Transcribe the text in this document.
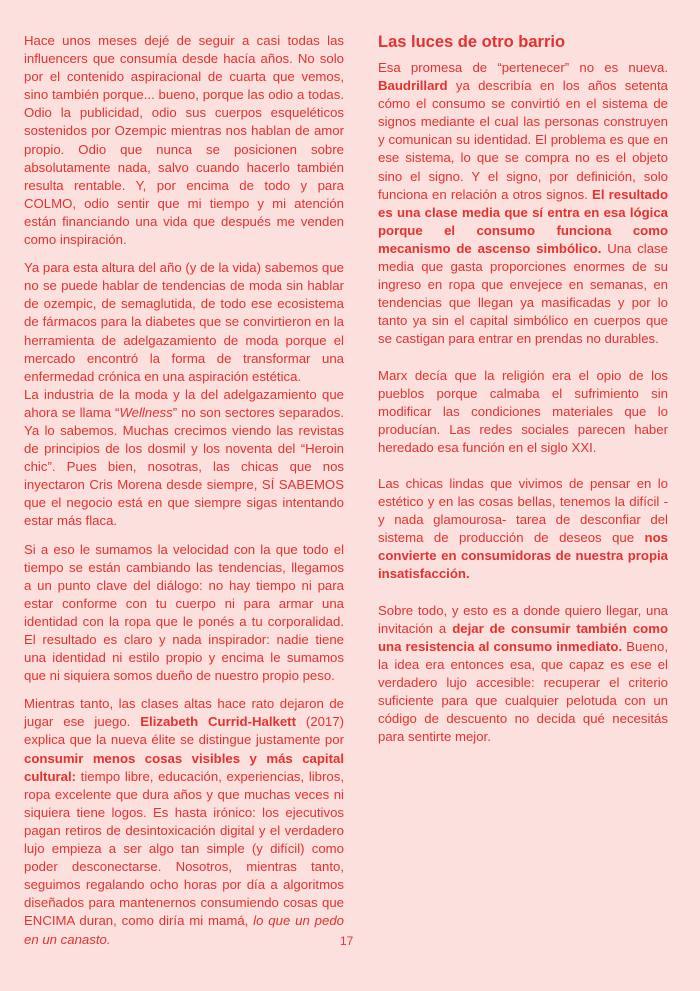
Hace unos meses dejé de seguir a casi todas las influencers que consumía desde hacía años. No solo por el contenido aspiracional de cuarta que vemos, sino también porque... bueno, porque las odio a todas. Odio la publicidad, odio sus cuerpos esqueléticos sostenidos por Ozempic mientras nos hablan de amor propio. Odio que nunca se posicionen sobre absolutamente nada, salvo cuando hacerlo también resulta rentable. Y, por encima de todo y para COLMO, odio sentir que mi tiempo y mi atención están financiando una vida que después me venden como inspiración.

Ya para esta altura del año (y de la vida) sabemos que no se puede hablar de tendencias de moda sin hablar de ozempic, de semaglutida, de todo ese ecosistema de fármacos para la diabetes que se convirtieron en la herramienta de adelgazamiento de moda porque el mercado encontró la forma de transformar una enfermedad crónica en una aspiración estética.

La industria de la moda y la del adelgazamiento que ahora se llama “Wellness” no son sectores separados. Ya lo sabemos. Muchas crecimos viendo las revistas de principios de los dosmil y los noventa del “Heroin chic”. Pues bien, nosotras, las chicas que nos inyectaron Cris Morena desde siempre, SÍ SABEMOS que el negocio está en que siempre sigas intentando estar más flaca.

Si a eso le sumamos la velocidad con la que todo el tiempo se están cambiando las tendencias, llegamos a un punto clave del diálogo: no hay tiempo ni para estar conforme con tu cuerpo ni para armar una identidad con la ropa que le ponés a tu corporalidad. El resultado es claro y nada inspirador: nadie tiene una identidad ni estilo propio y encima le sumamos que ni siquiera somos dueño de nuestro propio peso.

Mientras tanto, las clases altas hace rato dejaron de jugar ese juego. Elizabeth Currid-Halkett (2017) explica que la nueva élite se distingue justamente por consumir menos cosas visibles y más capital cultural: tiempo libre, educación, experiencias, libros, ropa excelente que dura años y que muchas veces ni siquiera tiene logos. Es hasta irónico: los ejecutivos pagan retiros de desintoxicación digital y el verdadero lujo empieza a ser algo tan simple (y difícil) como poder desconectarse. Nosotros, mientras tanto, seguimos regalando ocho horas por día a algoritmos diseñados para mantenernos consumiendo cosas que ENCIMA duran, como diría mi mamá, lo que un pedo en un canasto.

Las luces de otro barrio

Esa promesa de “pertenecer” no es nueva. Baudrillard ya describía en los años setenta cómo el consumo se convirtió en el sistema de signos mediante el cual las personas construyen y comunican su identidad. El problema es que en ese sistema, lo que se compra no es el objeto sino el signo. Y el signo, por definición, solo funciona en relación a otros signos. El resultado es una clase media que sí entra en esa lógica porque el consumo funciona como mecanismo de ascenso simbólico. Una clase media que gasta proporciones enormes de su ingreso en ropa que envejece en semanas, en tendencias que llegan ya masificadas y por lo tanto ya sin el capital simbólico en cuerpos que se castigan para entrar en prendas no durables.

Marx decía que la religión era el opio de los pueblos porque calmaba el sufrimiento sin modificar las condiciones materiales que lo producían. Las redes sociales parecen haber heredado esa función en el siglo XXI.

Las chicas lindas que vivimos de pensar en lo estético y en las cosas bellas, tenemos la difícil -y nada glamourosa- tarea de desconfiar del sistema de producción de deseos que nos convierte en consumidoras de nuestra propia insatisfacción.

Sobre todo, y esto es a donde quiero llegar, una invitación a dejar de consumir también como una resistencia al consumo inmediato. Bueno, la idea era entonces esa, que capaz es ese el verdadero lujo accesible: recuperar el criterio suficiente para que cualquier pelotuda con un código de descuento no decida qué necesitás para sentirte mejor.

17
